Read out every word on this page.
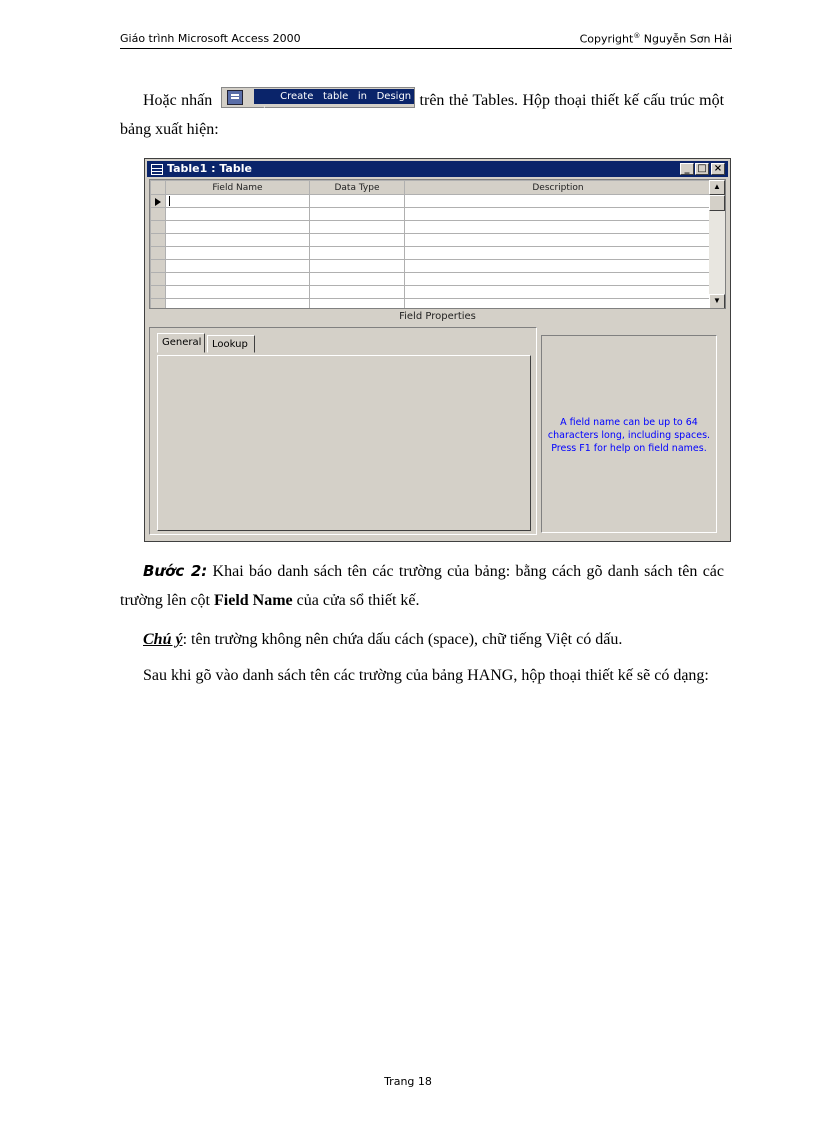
Giáo trình Microsoft Access 2000	Copyright® Nguyễn Sơn Hải
Hoặc nhấn	Create table in Design view
trên thẻ Tables. Hộp thoại thiết kế cấu trúc một bảng xuất hiện:
Table1 : Table	_ □ ×
	Field Name	Data Type	Description

				▲
▼
Field Properties
General	Lookup
A field name can be up to 64
characters long, including spaces.
Press F1 for help on field names.
Bước 2: Khai báo danh sách tên các trường của bảng: bằng cách gõ danh sách tên các trường lên cột Field Name của cửa sổ thiết kế.
Chú ý: tên trường không nên chứa dấu cách (space), chữ tiếng Việt có dấu.
Sau khi gõ vào danh sách tên các trường của bảng HANG, hộp thoại thiết kế sẽ có dạng:
Trang 18
